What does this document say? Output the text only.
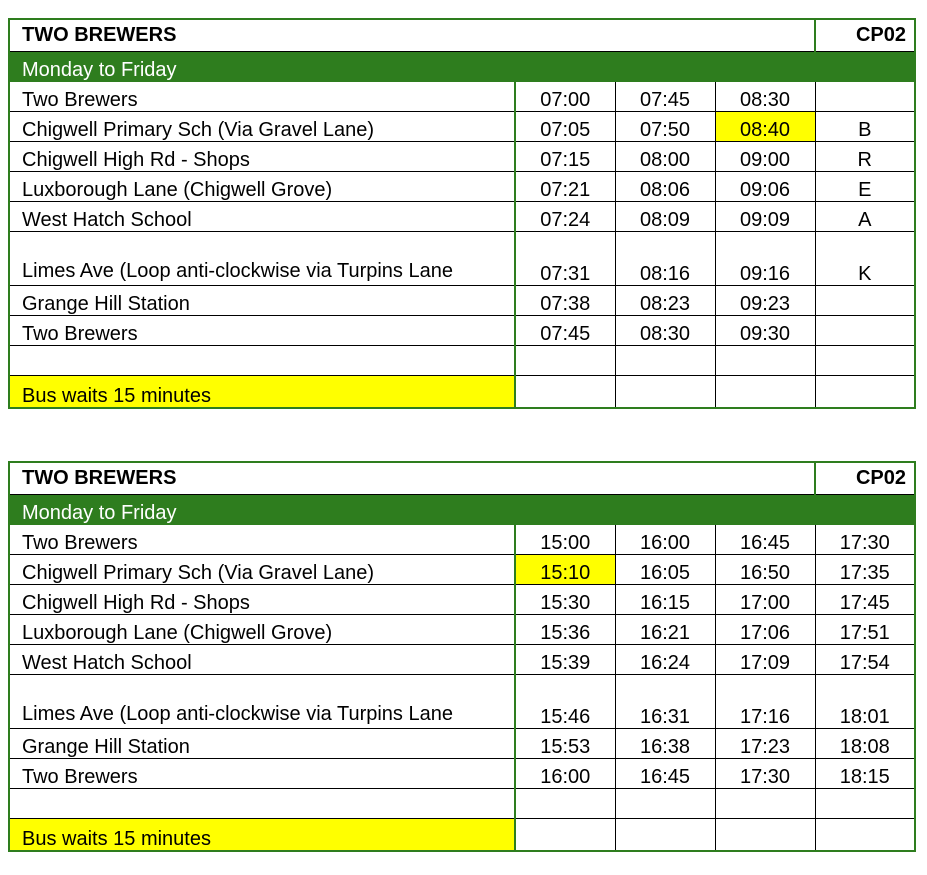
TWO BREWERS				CP02
Monday to Friday				
Two Brewers	07:00	07:45	08:30	
Chigwell Primary Sch (Via Gravel Lane)	07:05	07:50	08:40	B
Chigwell High Rd - Shops	07:15	08:00	09:00	R
Luxborough Lane (Chigwell Grove)	07:21	08:06	09:06	E
West Hatch School	07:24	08:09	09:09	A
Limes Ave (Loop anti-clockwise via Turpins Lane	07:31	08:16	09:16	K
Grange Hill Station	07:38	08:23	09:23	
Two Brewers	07:45	08:30	09:30	

Bus waits 15 minutes				
TWO BREWERS				CP02
Monday to Friday				
Two Brewers	15:00	16:00	16:45	17:30
Chigwell Primary Sch (Via Gravel Lane)	15:10	16:05	16:50	17:35
Chigwell High Rd - Shops	15:30	16:15	17:00	17:45
Luxborough Lane (Chigwell Grove)	15:36	16:21	17:06	17:51
West Hatch School	15:39	16:24	17:09	17:54
Limes Ave (Loop anti-clockwise via Turpins Lane	15:46	16:31	17:16	18:01
Grange Hill Station	15:53	16:38	17:23	18:08
Two Brewers	16:00	16:45	17:30	18:15

Bus waits 15 minutes				
